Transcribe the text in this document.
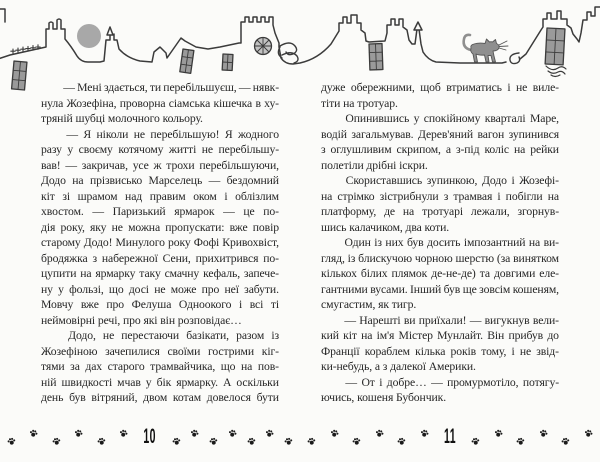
— Мені здається, ти перебільшуєш, — нявк-
нула Жозефіна, проворна сіамська кішечка в ху-
тряній шубці молочного кольору.
— Я ніколи не перебільшую! Я жодного
разу у своєму котячому житті не перебільшу-
вав! — закричав, усе ж трохи перебільшуючи,
Додо на прізвисько Марселець — бездомний
кіт зі шрамом над правим оком і облізлим
хвостом. — Паризький ярмарок — це по-
дія року, яку не можна пропускати: вже повір
старому Додо! Минулого року Фофі Кривохвіст,
бродяжка з набережної Сени, прихитрився по-
цупити на ярмарку таку смачну кефаль, запече-
ну у фользі, що досі не може про неї забути.
Мовчу вже про Фелуша Одноокого і всі ті
неймовірні речі, про які він розповідає…
Додо, не перестаючи базікати, разом із
Жозефіною зачепилися своїми гострими кіг-
тями за дах старого трамвайчика, що на пов-
ній швидкості мчав у бік ярмарку. А оскільки
день був вітряний, двом котам довелося бути
дуже обережними, щоб втриматись і не виле-
тіти на тротуар.
Опинившись у спокійному кварталі Маре,
водій загальмував. Дерев'яний вагон зупинився
з оглушливим скрипом, а з-під коліс на рейки
полетіли дрібні іскри.
Скориставшись зупинкою, Додо і Жозефі-
на стрімко зістрибнули з трамвая і побігли на
платформу, де на тротуарі лежали, згорнув-
шись калачиком, два коти.
Один із них був досить імпозантний на ви-
гляд, із блискучою чорною шерстю (за винятком
кількох білих плямок де-не-де) та довгими еле-
гантними вусами. Інший був ще зовсім кошеням,
смугастим, як тигр.
— Нарешті ви приїхали! — вигукнув вели-
кий кіт на ім'я Містер Мунлайт. Він прибув до
Франції кораблем кілька років тому, і не звід-
ки-небудь, а з далекої Америки.
— От і добре… — промурмотіло, потягу-
ючись, кошеня Бубончик.
10	11
